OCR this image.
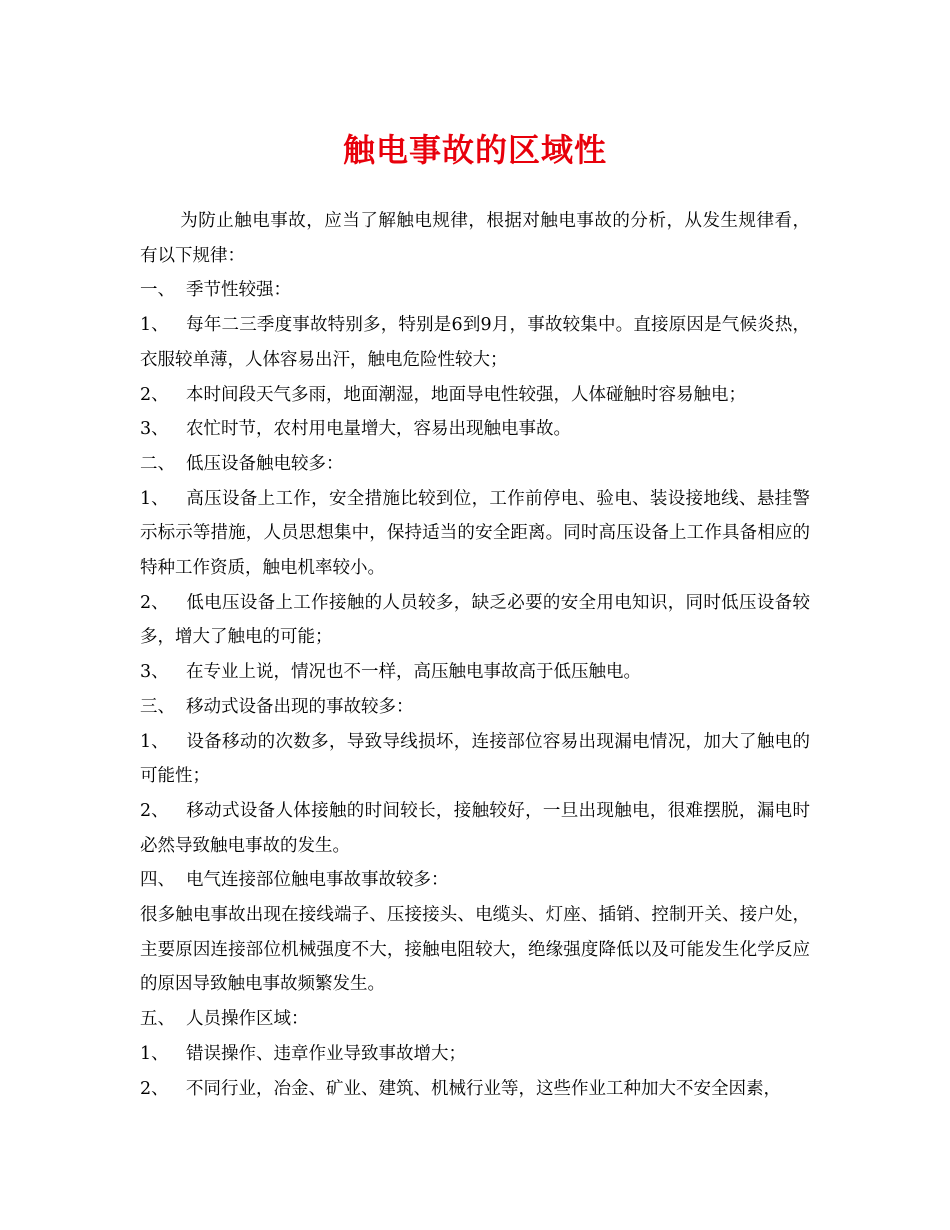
触电事故的区域性

为防止触电事故，应当了解触电规律，根据对触电事故的分析，从发生规律看，有以下规律：

一、 季节性较强：

1、 每年二三季度事故特别多，特别是6到9月，事故较集中。直接原因是气候炎热，衣服较单薄，人体容易出汗，触电危险性较大；

2、 本时间段天气多雨，地面潮湿，地面导电性较强，人体碰触时容易触电；

3、 农忙时节，农村用电量增大，容易出现触电事故。

二、 低压设备触电较多：

1、 高压设备上工作，安全措施比较到位，工作前停电、验电、装设接地线、悬挂警示标示等措施，人员思想集中，保持适当的安全距离。同时高压设备上工作具备相应的特种工作资质，触电机率较小。

2、 低电压设备上工作接触的人员较多，缺乏必要的安全用电知识，同时低压设备较多，增大了触电的可能；

3、 在专业上说，情况也不一样，高压触电事故高于低压触电。

三、 移动式设备出现的事故较多：

1、 设备移动的次数多，导致导线损坏，连接部位容易出现漏电情况，加大了触电的可能性；

2、 移动式设备人体接触的时间较长，接触较好，一旦出现触电，很难摆脱，漏电时必然导致触电事故的发生。

四、 电气连接部位触电事故事故较多：

很多触电事故出现在接线端子、压接接头、电缆头、灯座、插销、控制开关、接户处，主要原因连接部位机械强度不大，接触电阻较大，绝缘强度降低以及可能发生化学反应的原因导致触电事故频繁发生。

五、 人员操作区域：

1、 错误操作、违章作业导致事故增大；

2、 不同行业，冶金、矿业、建筑、机械行业等，这些作业工种加大不安全因素，
